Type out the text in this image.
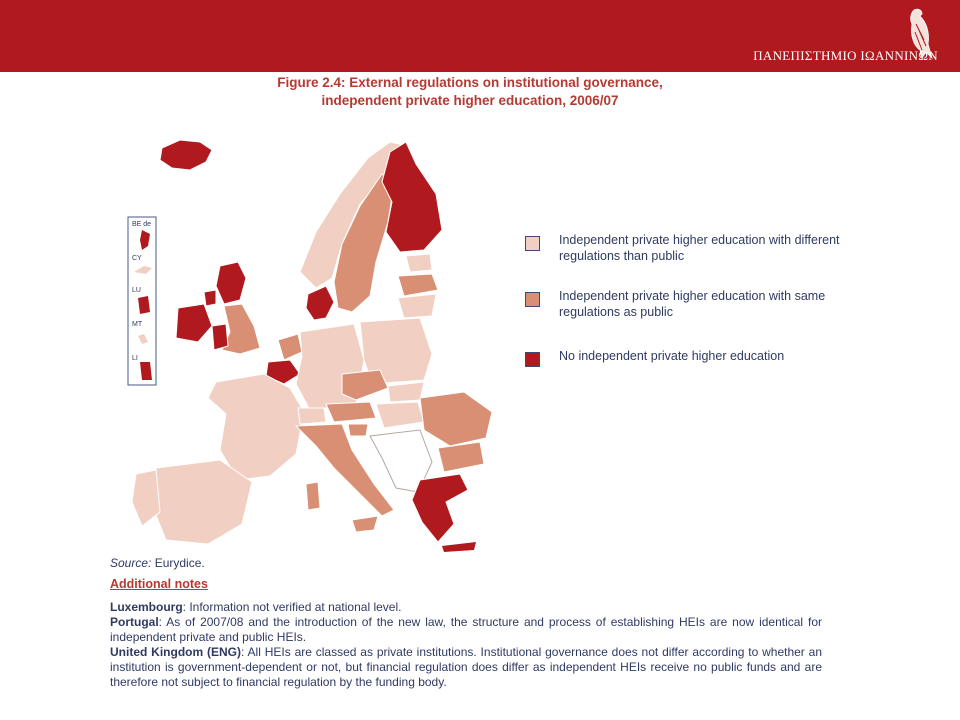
ΠΑΝΕΠΙΣΤΗΜΙΟ ΙΩΑΝΝΙΝΩΝ
Figure 2.4: External regulations on institutional governance,
independent private higher education, 2006/07
BE de
CY
LU
MT
LI
Independent private higher education with different regulations than public
Independent private higher education with same regulations as public
No independent private higher education

Source: Eurydice.

Additional notes

Luxembourg: Information not verified at national level.

Portugal: As of 2007/08 and the introduction of the new law, the structure and process of establishing HEIs are now identical for independent private and public HEIs.

United Kingdom (ENG): All HEIs are classed as private institutions. Institutional governance does not differ according to whether an institution is government-dependent or not, but financial regulation does differ as independent HEIs receive no public funds and are therefore not subject to financial regulation by the funding body.
